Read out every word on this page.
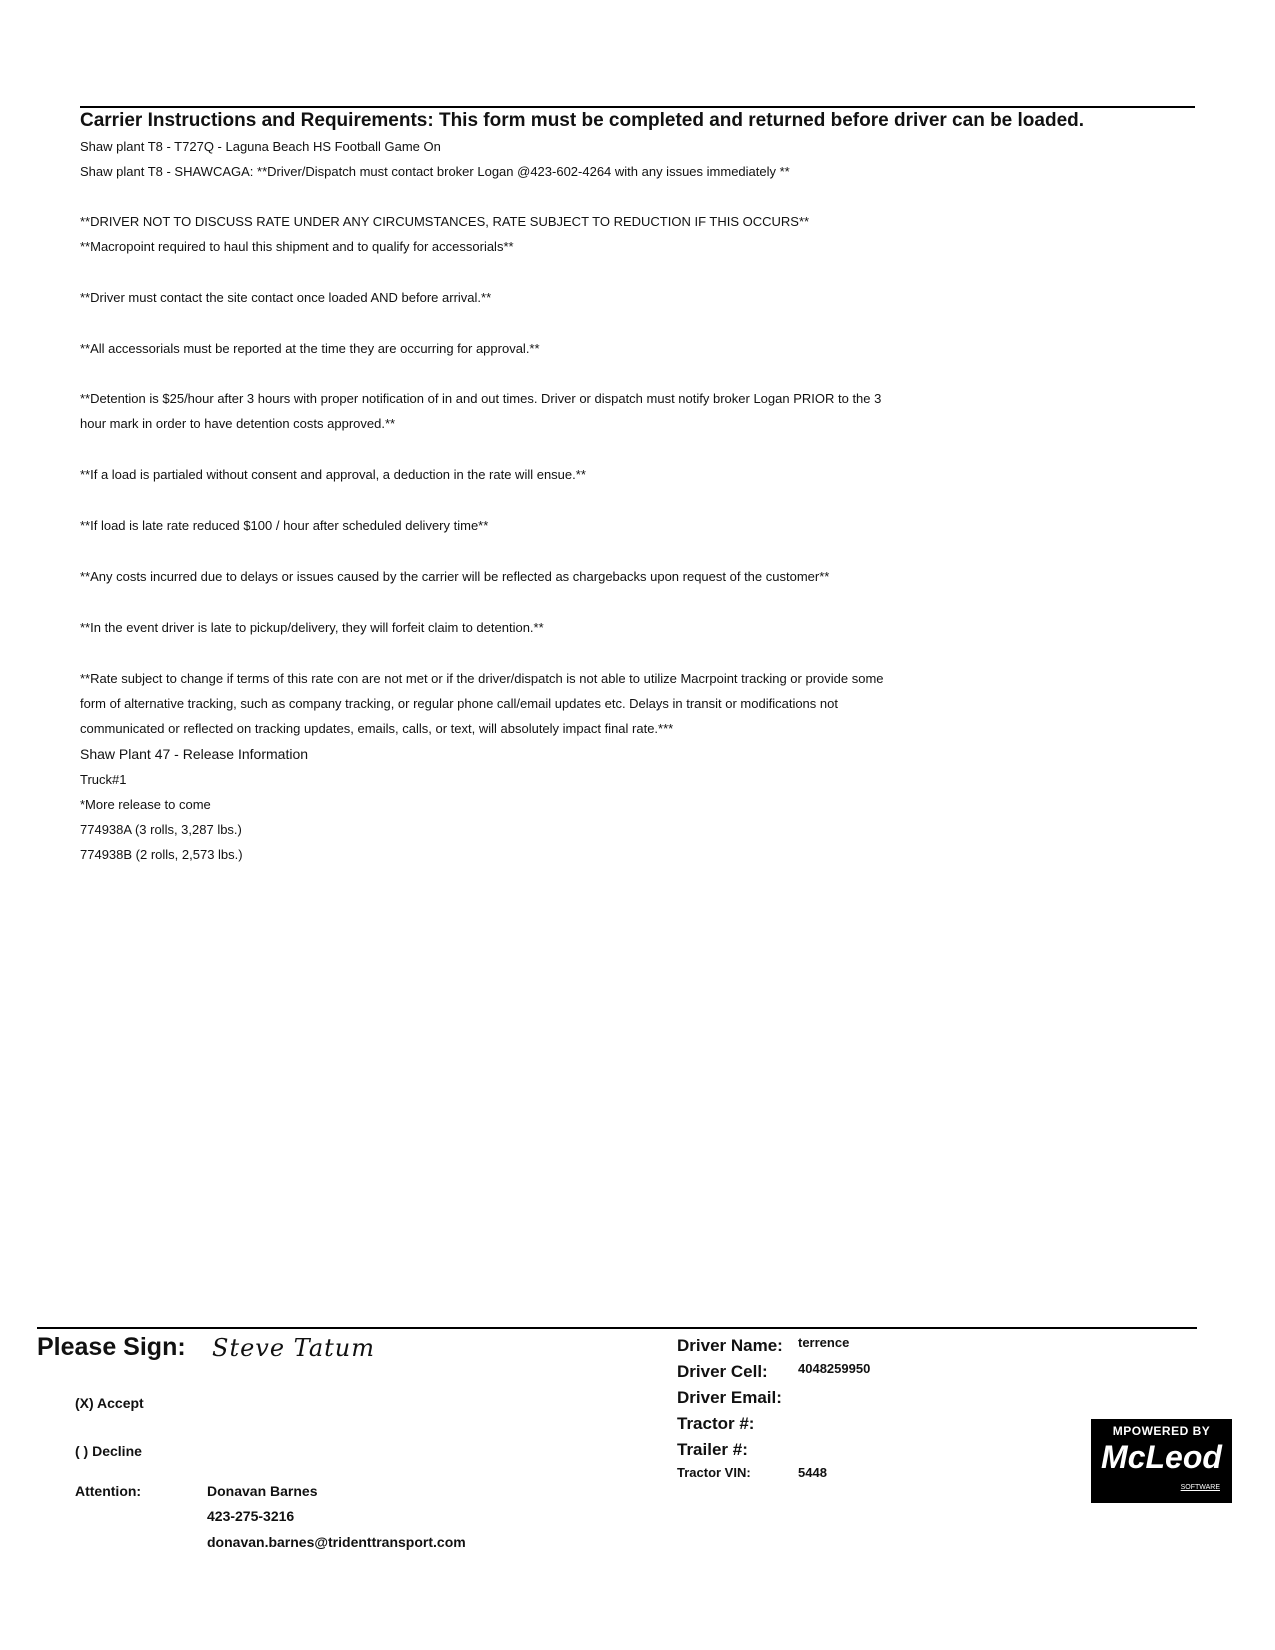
Carrier Instructions and Requirements: This form must be completed and returned before driver can be loaded.
Shaw plant T8 - T727Q - Laguna Beach HS Football Game On
Shaw plant T8 - SHAWCAGA: **Driver/Dispatch must contact broker Logan @423-602-4264 with any issues immediately **
**DRIVER NOT TO DISCUSS RATE UNDER ANY CIRCUMSTANCES, RATE SUBJECT TO REDUCTION IF THIS OCCURS**
**Macropoint required to haul this shipment and to qualify for accessorials**
**Driver must contact the site contact once loaded AND before arrival.**
**All accessorials must be reported at the time they are occurring for approval.**
**Detention is $25/hour after 3 hours with proper notification of in and out times. Driver or dispatch must notify broker Logan PRIOR to the 3
hour mark in order to have detention costs approved.**
**If a load is partialed without consent and approval, a deduction in the rate will ensue.**
**If load is late rate reduced $100 / hour after scheduled delivery time**
**Any costs incurred due to delays or issues caused by the carrier will be reflected as chargebacks upon request of the customer**
**In the event driver is late to pickup/delivery, they will forfeit claim to detention.**
**Rate subject to change if terms of this rate con are not met or if the driver/dispatch is not able to utilize Macrpoint tracking or provide some
form of alternative tracking, such as company tracking, or regular phone call/email updates etc. Delays in transit or modifications not
communicated or reflected on tracking updates, emails, calls, or text, will absolutely impact final rate.***
Shaw Plant 47 - Release Information
Truck#1
*More release to come
774938A (3 rolls, 3,287 lbs.)
774938B (2 rolls, 2,573 lbs.)
Please Sign: Steve Tatum
(X) Accept
( ) Decline
Attention:	Donavan Barnes
423-275-3216
donavan.barnes@tridenttransport.com
Driver Name: terrence
Driver Cell: 4048259950
Driver Email:
Tractor #:
Trailer #:
Tractor VIN:	5448
MPOWERED BY
McLeod
SOFTWARE
